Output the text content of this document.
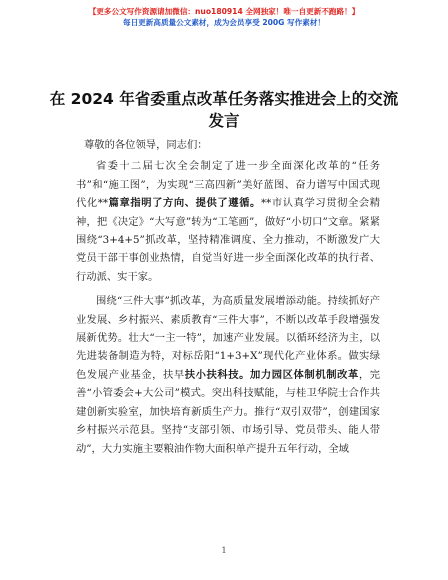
【更多公文写作资源请加微信：nuo180914 全网独家！唯一自更新不跑路！】
每日更新高质量公文素材，成为会员享受 200G 写作素材！
在 2024 年省委重点改革任务落实推进会上的交流发言

尊敬的各位领导，同志们：

省委十二届七次全会制定了进一步全面深化改革的“任务书”和“施工图”，为实现“三高四新”美好蓝图、奋力谱写中国式现代化**篇章指明了方向、提供了遵循。**市认真学习贯彻全会精神，把《决定》“大写意”转为“工笔画”，做好“小切口”文章。紧紧围绕“3+4+5”抓改革，坚持精准调度、全力推动，不断激发广大党员干部干事创业热情，自觉当好进一步全面深化改革的执行者、行动派、实干家。

围绕“三件大事”抓改革，为高质量发展增添动能。持续抓好产业发展、乡村振兴、素质教育“三件大事”，不断以改革手段增强发展新优势。壮大“一主一特”，加速产业发展。以循环经济为主，以先进装备制造为特，对标岳阳“1+3+X”现代化产业体系。做实绿色发展产业基金，扶早扶小扶科技。加力园区体制机制改革，完善“小管委会+大公司”模式。突出科技赋能，与桂卫华院士合作共建创新实验室，加快培育新质生产力。推行“双引双带”，创建国家乡村振兴示范县。坚持“支部引领、市场引导、党员带头、能人带动”，大力实施主要粮油作物大面积单产提升五年行动，全域

1
